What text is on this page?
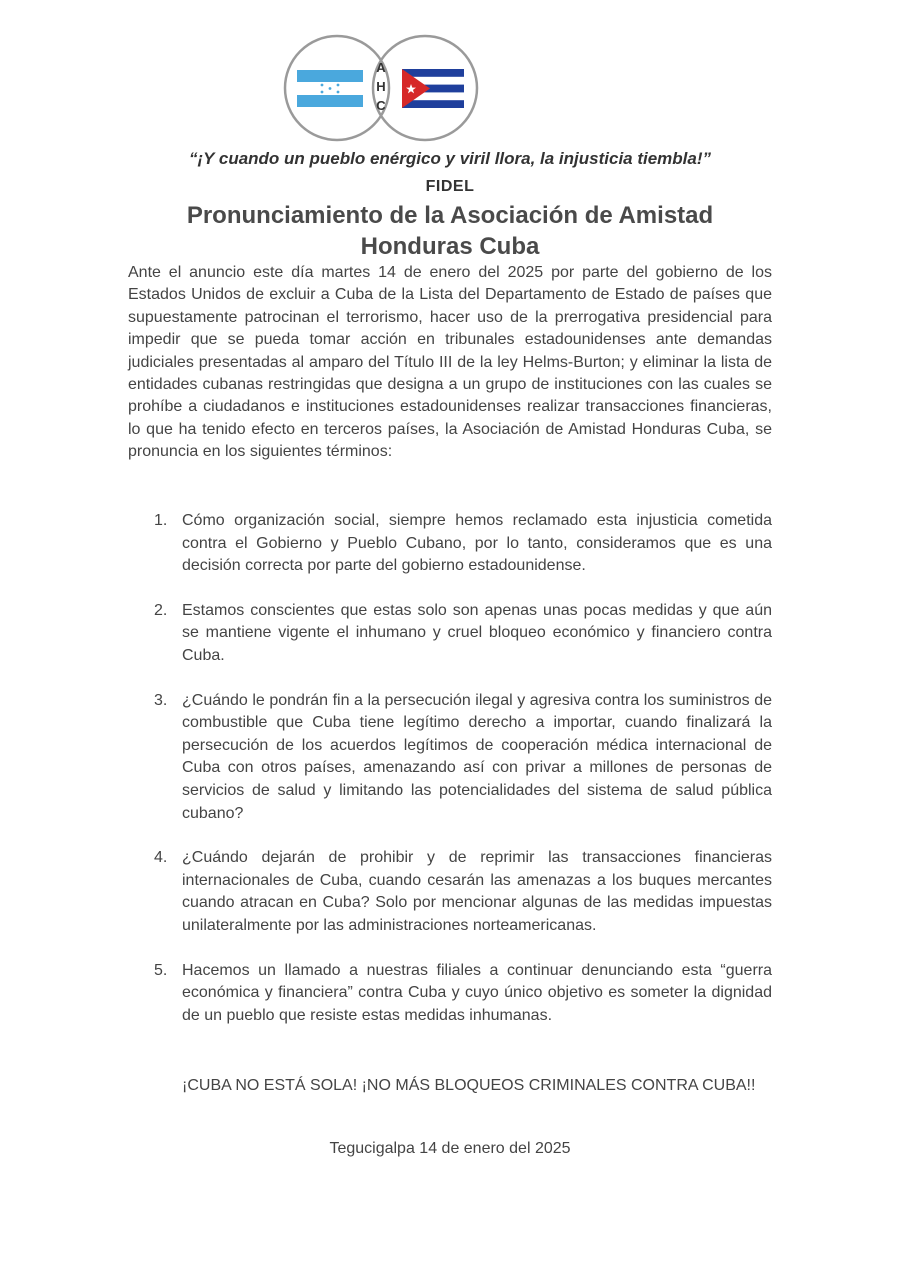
A
H
C
“¡Y cuando un pueblo enérgico y viril llora, la injusticia tiembla!”
FIDEL
Pronunciamiento de la Asociación de Amistad
Honduras Cuba
Ante el anuncio este día martes 14 de enero del 2025 por parte del gobierno de los Estados Unidos de excluir a Cuba de la Lista del Departamento de Estado de países que supuestamente patrocinan el terrorismo, hacer uso de la prerrogativa presidencial para impedir que se pueda tomar acción en tribunales estadounidenses ante demandas judiciales presentadas al amparo del Título III de la ley Helms-Burton; y eliminar la lista de entidades cubanas restringidas que designa a un grupo de instituciones con las cuales se prohíbe a ciudadanos e instituciones estadounidenses realizar transacciones financieras, lo que ha tenido efecto en terceros países, la Asociación de Amistad Honduras Cuba, se pronuncia en los siguientes términos:
1. Cómo organización social, siempre hemos reclamado esta injusticia cometida contra el Gobierno y Pueblo Cubano, por lo tanto, consideramos que es una decisión correcta por parte del gobierno estadounidense.
2. Estamos conscientes que estas solo son apenas unas pocas medidas y que aún se mantiene vigente el inhumano y cruel bloqueo económico y financiero contra Cuba.
3. ¿Cuándo le pondrán fin a la persecución ilegal y agresiva contra los suministros de combustible que Cuba tiene legítimo derecho a importar, cuando finalizará la persecución de los acuerdos legítimos de cooperación médica internacional de Cuba con otros países, amenazando así con privar a millones de personas de servicios de salud y limitando las potencialidades del sistema de salud pública cubano?
4. ¿Cuándo dejarán de prohibir y de reprimir las transacciones financieras internacionales de Cuba, cuando cesarán las amenazas a los buques mercantes cuando atracan en Cuba? Solo por mencionar algunas de las medidas impuestas unilateralmente por las administraciones norteamericanas.
5. Hacemos un llamado a nuestras filiales a continuar denunciando esta “guerra económica y financiera” contra Cuba y cuyo único objetivo es someter la dignidad de un pueblo que resiste estas medidas inhumanas.
¡CUBA NO ESTÁ SOLA! ¡NO MÁS BLOQUEOS CRIMINALES CONTRA CUBA!!
Tegucigalpa 14 de enero del 2025
